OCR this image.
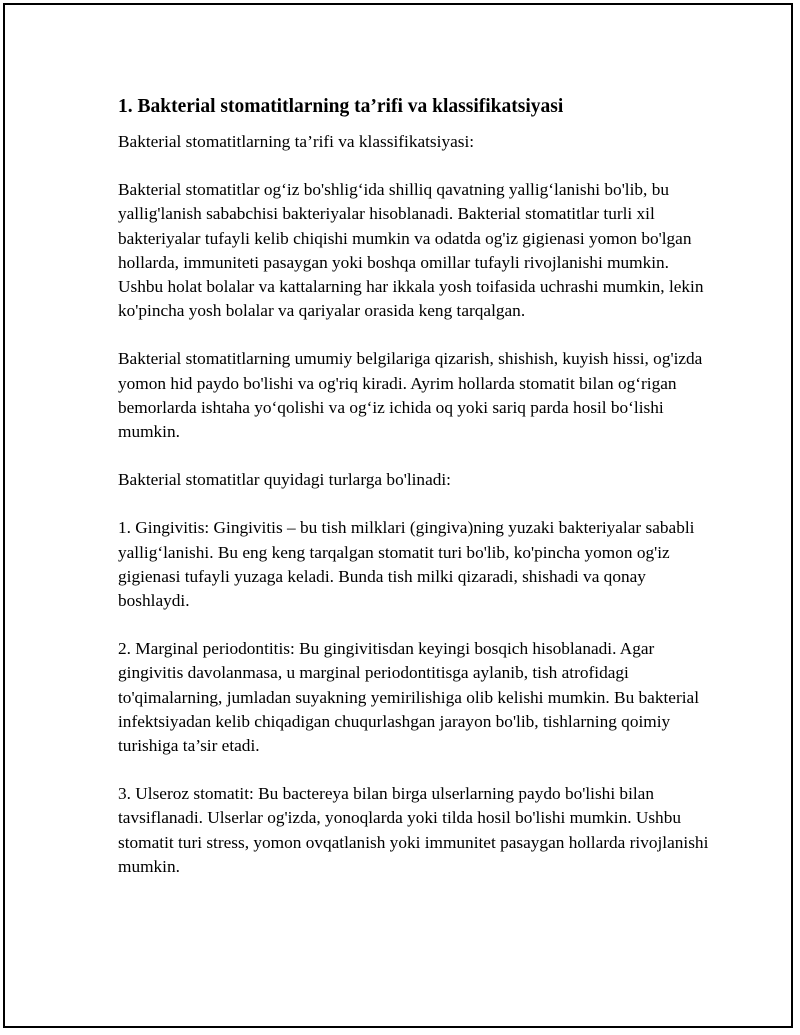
1. Bakterial stomatitlarning ta’rifi va klassifikatsiyasi

Bakterial stomatitlarning ta’rifi va klassifikatsiyasi:

Bakterial stomatitlar og‘iz bo'shlig‘ida shilliq qavatning yallig‘lanishi bo'lib, bu yallig'lanish sababchisi bakteriyalar hisoblanadi. Bakterial stomatitlar turli xil bakteriyalar tufayli kelib chiqishi mumkin va odatda og'iz gigienasi yomon bo'lgan hollarda, immuniteti pasaygan yoki boshqa omillar tufayli rivojlanishi mumkin. Ushbu holat bolalar va kattalarning har ikkala yosh toifasida uchrashi mumkin, lekin ko'pincha yosh bolalar va qariyalar orasida keng tarqalgan.

Bakterial stomatitlarning umumiy belgilariga qizarish, shishish, kuyish hissi, og'izda yomon hid paydo bo'lishi va og'riq kiradi. Ayrim hollarda stomatit bilan og‘rigan bemorlarda ishtaha yo‘qolishi va og‘iz ichida oq yoki sariq parda hosil bo‘lishi mumkin.

Bakterial stomatitlar quyidagi turlarga bo'linadi:

1. Gingivitis: Gingivitis – bu tish milklari (gingiva)ning yuzaki bakteriyalar sababli yallig‘lanishi. Bu eng keng tarqalgan stomatit turi bo'lib, ko'pincha yomon og'iz gigienasi tufayli yuzaga keladi. Bunda tish milki qizaradi, shishadi va qonay boshlaydi.

2. Marginal periodontitis: Bu gingivitisdan keyingi bosqich hisoblanadi. Agar gingivitis davolanmasa, u marginal periodontitisga aylanib, tish atrofidagi to'qimalarning, jumladan suyakning yemirilishiga olib kelishi mumkin. Bu bakterial infektsiyadan kelib chiqadigan chuqurlashgan jarayon bo'lib, tishlarning qoimiy turishiga ta’sir etadi.

3. Ulseroz stomatit: Bu bactereya bilan birga ulserlarning paydo bo'lishi bilan tavsiflanadi. Ulserlar og'izda, yonoqlarda yoki tilda hosil bo'lishi mumkin. Ushbu stomatit turi stress, yomon ovqatlanish yoki immunitet pasaygan hollarda rivojlanishi mumkin.
